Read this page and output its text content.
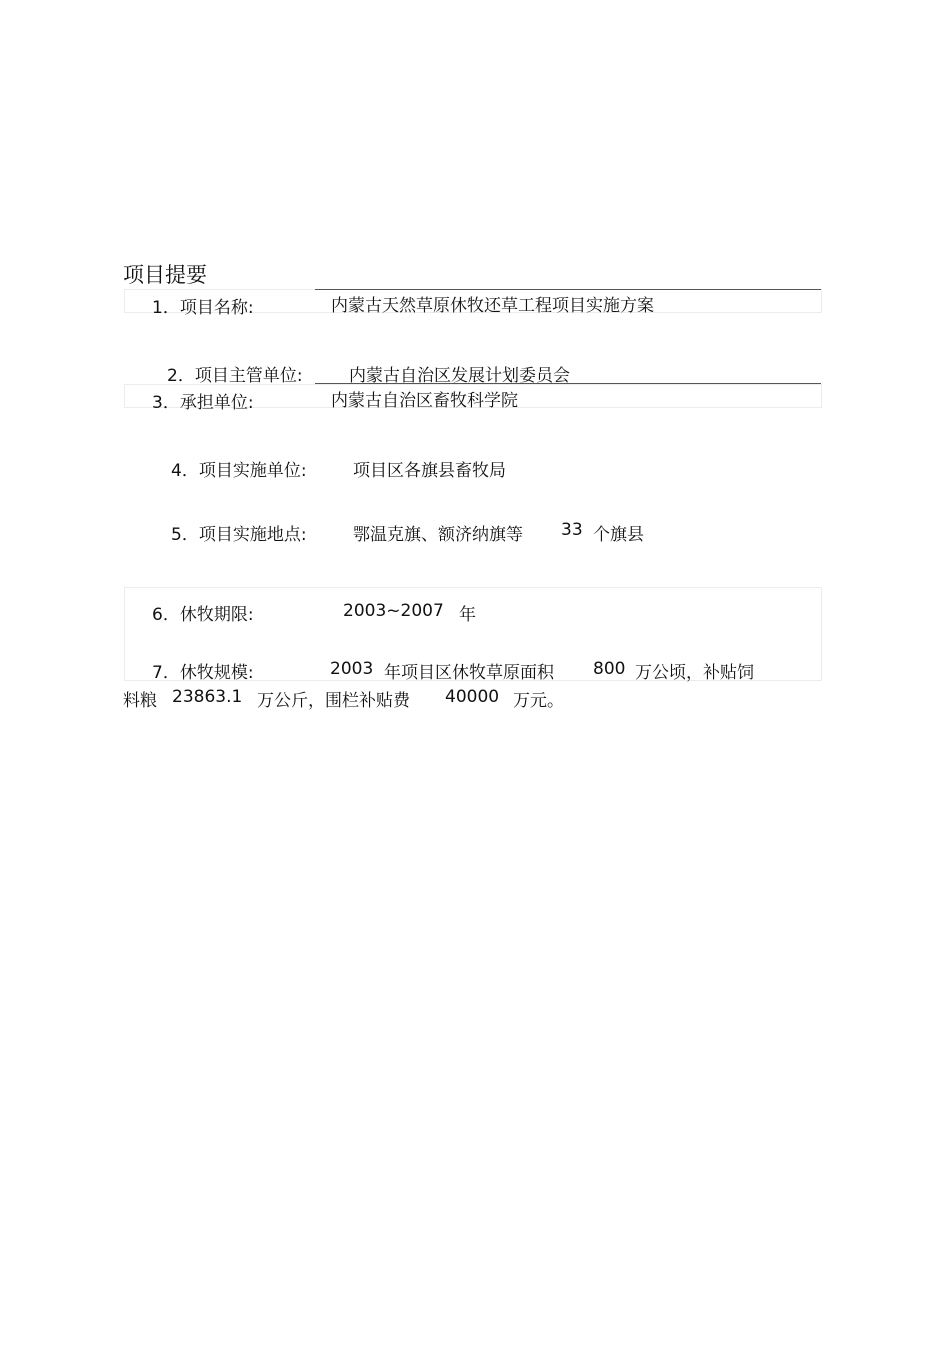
项目提要
1．项目名称:	内蒙古天然草原休牧还草工程项目实施方案
2．项目主管单位:	内蒙古自治区发展计划委员会
3．承担单位:	内蒙古自治区畜牧科学院
4．项目实施单位:	项目区各旗县畜牧局
5．项目实施地点:	鄂温克旗、额济纳旗等 33 个旗县
6．休牧期限:	2003~2007 年
7．休牧规模:	2003 年项目区休牧草原面积 800 万公顷，补贴饲
料粮 23863.1 万公斤，围栏补贴费 40000 万元。
